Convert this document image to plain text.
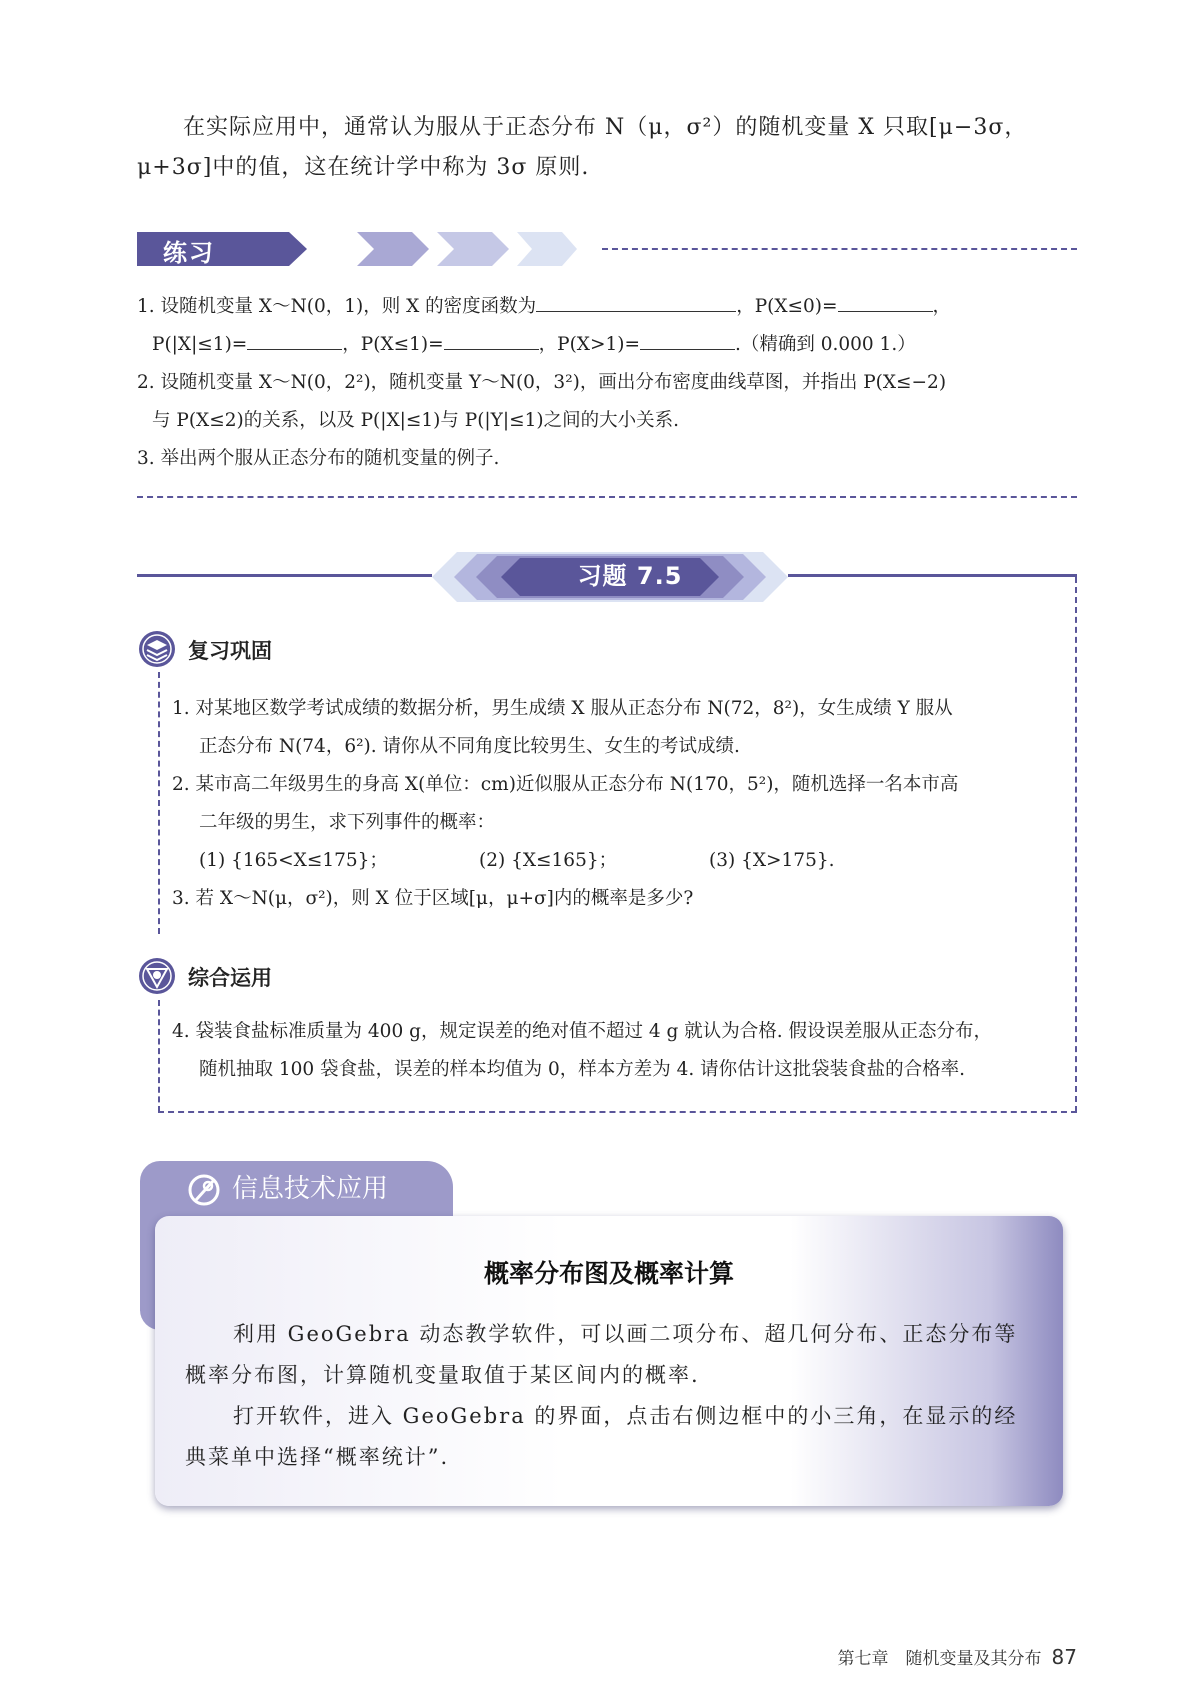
在实际应用中，通常认为服从于正态分布 N（μ，σ²）的随机变量 X 只取[μ−3σ，μ+3σ]中的值，这在统计学中称为 3σ 原则.

练习
1. 设随机变量 X～N(0，1)，则 X 的密度函数为	，P(X≤0)=	，
P(|X|≤1)=	，P(X≤1)=	，P(X>1)=	.（精确到 0.000 1.）
2. 设随机变量 X～N(0，2²)，随机变量 Y～N(0，3²)，画出分布密度曲线草图，并指出 P(X≤−2)
与 P(X≤2)的关系，以及 P(|X|≤1)与 P(|Y|≤1)之间的大小关系.
3. 举出两个服从正态分布的随机变量的例子.
习题 7.5
复习巩固
1. 对某地区数学考试成绩的数据分析，男生成绩 X 服从正态分布 N(72，8²)，女生成绩 Y 服从
正态分布 N(74，6²). 请你从不同角度比较男生、女生的考试成绩.
2. 某市高二年级男生的身高 X(单位：cm)近似服从正态分布 N(170，5²)，随机选择一名本市高
二年级的男生，求下列事件的概率：
(1) {165<X≤175}；	(2) {X≤165}；	(3) {X>175}.
3. 若 X～N(μ，σ²)，则 X 位于区域[μ，μ+σ]内的概率是多少?
综合运用
4. 袋装食盐标准质量为 400 g，规定误差的绝对值不超过 4 g 就认为合格. 假设误差服从正态分布，
随机抽取 100 袋食盐，误差的样本均值为 0，样本方差为 4. 请你估计这批袋装食盐的合格率.
信息技术应用
概率分布图及概率计算

利用 GeoGebra 动态教学软件，可以画二项分布、超几何分布、正态分布等概率分布图，计算随机变量取值于某区间内的概率.

打开软件，进入 GeoGebra 的界面，点击右侧边框中的小三角，在显示的经典菜单中选择“概率统计”.

第七章　随机变量及其分布 87
